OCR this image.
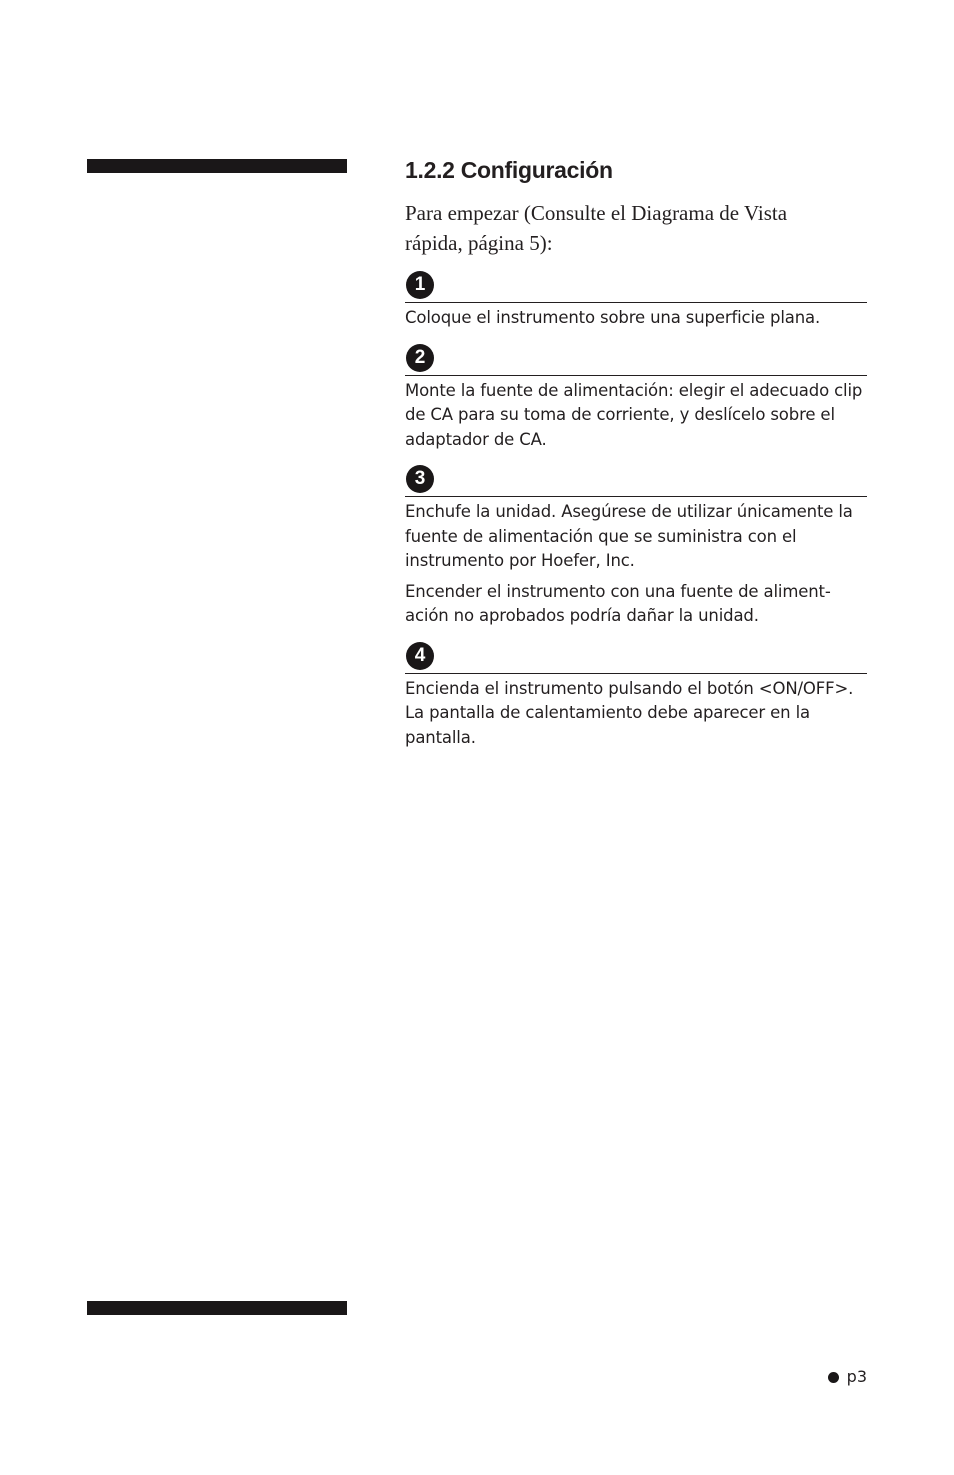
1.2.2 Configuración

Para empezar (Consulte el Diagrama de Vista rápida, página 5):

1

Coloque el instrumento sobre una superficie plana.

2

Monte la fuente de alimentación: elegir el adecuado clip de CA para su toma de corriente, y deslícelo sobre el adaptador de CA.

3

Enchufe la unidad. Asegúrese de utilizar únicamente la fuente de alimentación que se suministra con el instrumento por Hoefer, Inc.

Encender el instrumento con una fuente de aliment-ación no aprobados podría dañar la unidad.

4

Encienda el instrumento pulsando el botón <ON/OFF>. La pantalla de calentamiento debe aparecer en la pantalla.

p3
